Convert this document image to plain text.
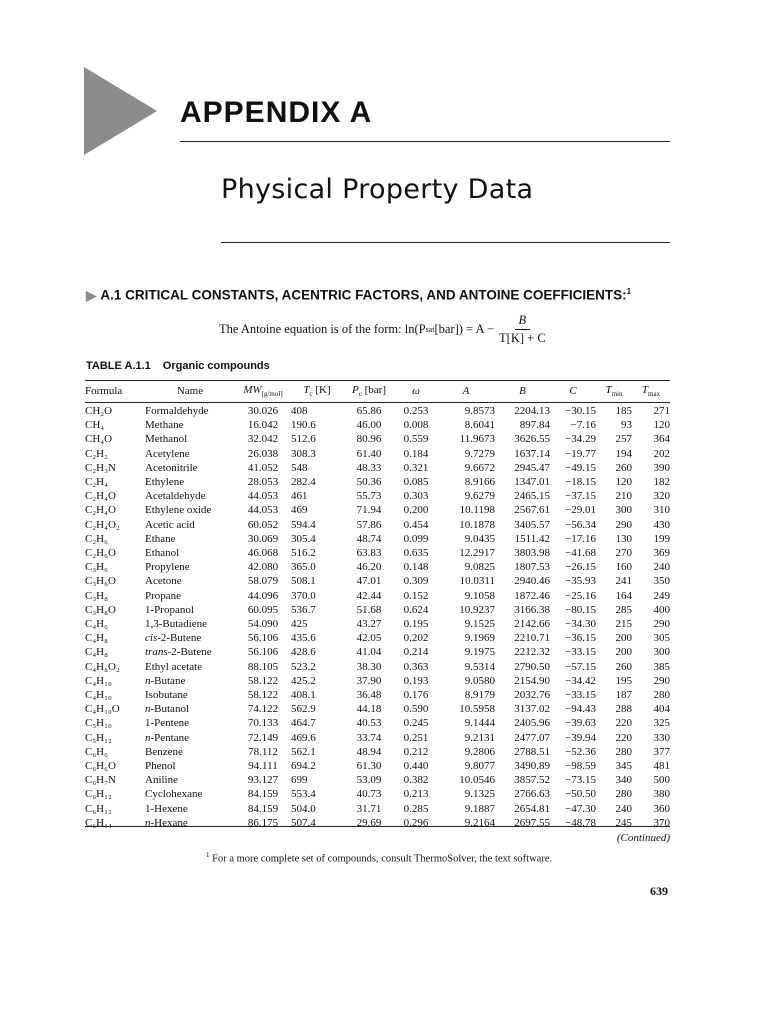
APPENDIX A
Physical Property Data
▶ A.1 CRITICAL CONSTANTS, ACENTRIC FACTORS, AND ANTOINE COEFFICIENTS:$^1$
The Antoine equation is of the form: ln(P sat $[bar]) = A - \frac{B}{T[K] + C}$
TABLE A.1.1 Organic compounds
Formula	Name	$MW_{[g/mol]}$	$T_c$ [K]	$P_c$ [bar]	ω	A	B	C	$T_{min}$	$T_{max}$
CH₂O	Formaldehyde	30.026	408	65.86	0.253	9.8573	2204.13	−30.15	185	271
CH₄	Methane	16.042	190.6	46.00	0.008	8.6041	897.84	−7.16	93	120
CH₄O	Methanol	32.042	512.6	80.96	0.559	11.9673	3626.55	−34.29	257	364
C₂H₂	Acetylene	26.038	308.3	61.40	0.184	9.7279	1637.14	−19.77	194	202
C₂H₃N	Acetonitrile	41.052	548	48.33	0.321	9.6672	2945.47	−49.15	260	390
C₂H₄	Ethylene	28.053	282.4	50.36	0.085	8.9166	1347.01	−18.15	120	182
C₂H₄O	Acetaldehyde	44.053	461	55.73	0.303	9.6279	2465.15	−37.15	210	320
C₂H₄O	Ethylene oxide	44.053	469	71.94	0.200	10.1198	2567.61	−29.01	300	310
C₂H₄O₂	Acetic acid	60.052	594.4	57.86	0.454	10.1878	3405.57	−56.34	290	430
C₂H₆	Ethane	30.069	305.4	48.74	0.099	9.0435	1511.42	−17.16	130	199
C₂H₆O	Ethanol	46.068	516.2	63.83	0.635	12.2917	3803.98	−41.68	270	369
C₃H₆	Propylene	42.080	365.0	46.20	0.148	9.0825	1807.53	−26.15	160	240
C₃H₆O	Acetone	58.079	508.1	47.01	0.309	10.0311	2940.46	−35.93	241	350
C₃H₈	Propane	44.096	370.0	42.44	0.152	9.1058	1872.46	−25.16	164	249
C₃H₈O	1-Propanol	60.095	536.7	51.68	0.624	10.9237	3166.38	−80.15	285	400
C₄H₆	1,3-Butadiene	54.090	425	43.27	0.195	9.1525	2142.66	−34.30	215	290
C₄H₈	cis-2-Butene	56.106	435.6	42.05	0.202	9.1969	2210.71	−36.15	200	305
C₄H₈	trans-2-Butene	56.106	428.6	41.04	0.214	9.1975	2212.32	−33.15	200	300
C₄H₈O₂	Ethyl acetate	88.105	523.2	38.30	0.363	9.5314	2790.50	−57.15	260	385
C₄H₁₀	n-Butane	58.122	425.2	37.90	0.193	9.0580	2154.90	−34.42	195	290
C₄H₁₀	Isobutane	58.122	408.1	36.48	0.176	8.9179	2032.76	−33.15	187	280
C₄H₁₀O	n-Butanol	74.122	562.9	44.18	0.590	10.5958	3137.02	−94.43	288	404
C₅H₁₀	1-Pentene	70.133	464.7	40.53	0.245	9.1444	2405.96	−39.63	220	325
C₅H₁₂	n-Pentane	72.149	469.6	33.74	0.251	9.2131	2477.07	−39.94	220	330
C₆H₆	Benzene	78.112	562.1	48.94	0.212	9.2806	2788.51	−52.36	280	377
C₆H₆O	Phenol	94.111	694.2	61.30	0.440	9.8077	3490.89	−98.59	345	481
C₆H₇N	Aniline	93.127	699	53.09	0.382	10.0546	3857.52	−73.15	340	500
C₆H₁₂	Cyclohexane	84.159	553.4	40.73	0.213	9.1325	2766.63	−50.50	280	380
C₆H₁₂	1-Hexene	84.159	504.0	31.71	0.285	9.1887	2654.81	−47.30	240	360
C₆H₁₄	n-Hexane	86.175	507.4	29.69	0.296	9.2164	2697.55	−48.78	245	370
(Continued)
$^1$ For a more complete set of compounds, consult ThermoSolver, the text software.
639
